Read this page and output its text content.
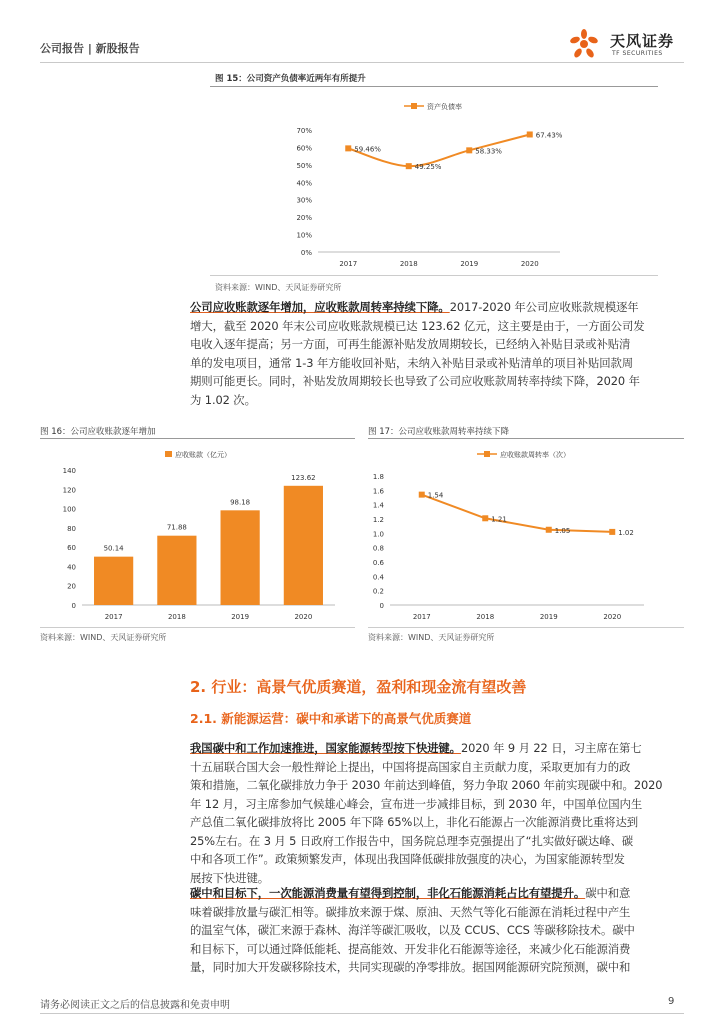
公司报告 | 新股报告	天风证券
TF SECURITIES
图 15：公司资产负债率近两年有所提升
0%
10%
20%
30%
40%
50%
60%
70%
2017	2018	2019	2020
资产负债率
59.46%
49.25%
58.33%
67.43%
资料来源：WIND、天风证券研究所
公司应收账款逐年增加，应收账款周转率持续下降。2017-2020 年公司应收账款规模逐年
增大，截至 2020 年末公司应收账款规模已达 123.62 亿元，这主要是由于，一方面公司发
电收入逐年提高；另一方面，可再生能源补贴发放周期较长，已经纳入补贴目录或补贴清
单的发电项目，通常 1-3 年方能收回补贴，未纳入补贴目录或补贴清单的项目补贴回款周
期则可能更长。同时，补贴发放周期较长也导致了公司应收账款周转率持续下降，2020 年
为 1.02 次。
图 16：公司应收账款逐年增加
0
20
40
60
80
100
120
140
2017	2018	2019	2020
应收账款（亿元）
50.14
71.88
98.18
123.62
资料来源：WIND、天风证券研究所
图 17：公司应收账款周转率持续下降
0
0.2
0.4
0.6
0.8
1.0
1.2
1.4
1.6
1.8
2017	2018	2019	2020
应收账款周转率（次）
1.54
1.21
1.05	1.02
资料来源：WIND、天风证券研究所
2. 行业：高景气优质赛道，盈利和现金流有望改善
2.1. 新能源运营：碳中和承诺下的高景气优质赛道
我国碳中和工作加速推进，国家能源转型按下快进键。2020 年 9 月 22 日，习主席在第七
十五届联合国大会一般性辩论上提出，中国将提高国家自主贡献力度，采取更加有力的政
策和措施，二氧化碳排放力争于 2030 年前达到峰值，努力争取 2060 年前实现碳中和。2020
年 12 月，习主席参加气候雄心峰会，宣布进一步减排目标，到 2030 年，中国单位国内生
产总值二氧化碳排放将比 2005 年下降 65%以上，非化石能源占一次能源消费比重将达到
25%左右。在 3 月 5 日政府工作报告中，国务院总理李克强提出了“扎实做好碳达峰、碳
中和各项工作”。政策频繁发声，体现出我国降低碳排放强度的决心，为国家能源转型发
展按下快进键。
碳中和目标下，一次能源消费量有望得到控制，非化石能源消耗占比有望提升。碳中和意
味着碳排放量与碳汇相等。碳排放来源于煤、原油、天然气等化石能源在消耗过程中产生
的温室气体，碳汇来源于森林、海洋等碳汇吸收，以及 CCUS、CCS 等碳移除技术。碳中
和目标下，可以通过降低能耗、提高能效、开发非化石能源等途径，来减少化石能源消费
量，同时加大开发碳移除技术，共同实现碳的净零排放。据国网能源研究院预测，碳中和
请务必阅读正文之后的信息披露和免责申明	9
